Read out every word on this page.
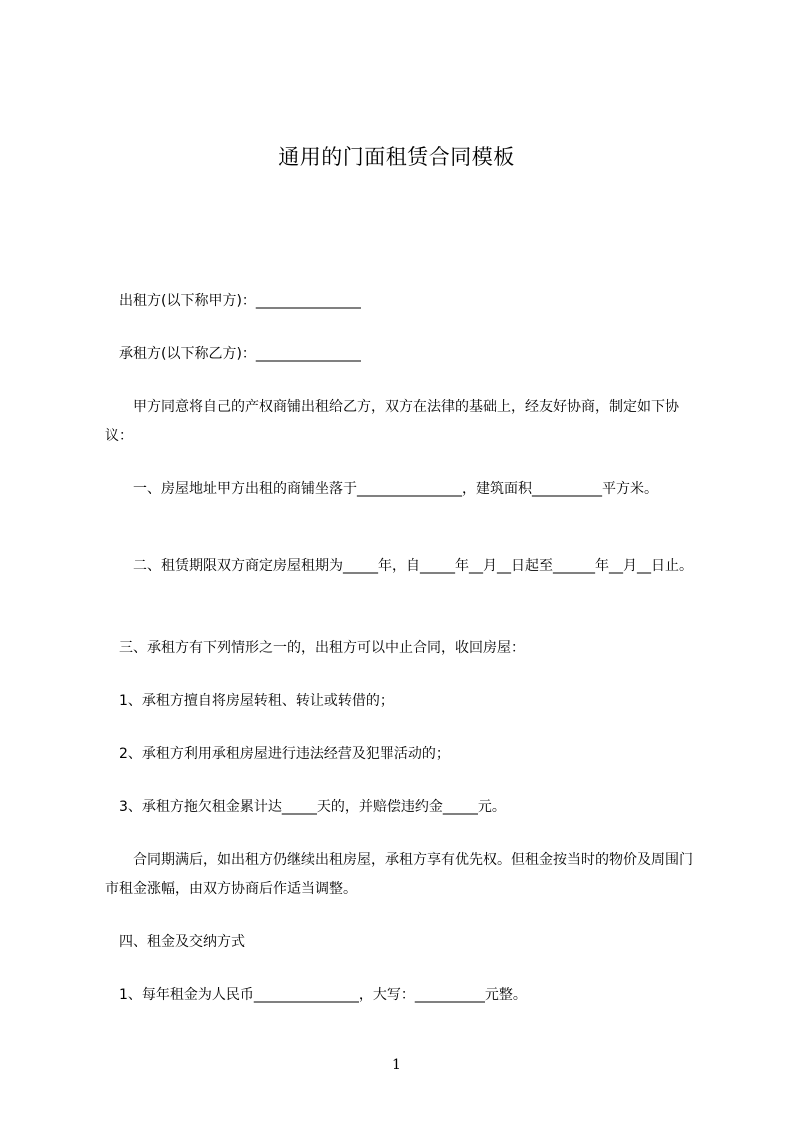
通用的门面租赁合同模板
　出租方(以下称甲方)：_______________
　承租方(以下称乙方)：_______________
　　甲方同意将自己的产权商铺出租给乙方，双方在法律的基础上，经友好协商，制定如下协议：
　　一、房屋地址甲方出租的商铺坐落于_______________，建筑面积__________平方米。
　　二、租赁期限双方商定房屋租期为_____年，自_____年__月__日起至______年__月__日止。
　三、承租方有下列情形之一的，出租方可以中止合同，收回房屋：
　1、承租方擅自将房屋转租、转让或转借的；
　2、承租方利用承租房屋进行违法经营及犯罪活动的；
　3、承租方拖欠租金累计达_____天的，并赔偿违约金_____元。
　　合同期满后，如出租方仍继续出租房屋，承租方享有优先权。但租金按当时的物价及周围门市租金涨幅，由双方协商后作适当调整。
　四、租金及交纳方式
　1、每年租金为人民币_______________，大写：__________元整。
1
